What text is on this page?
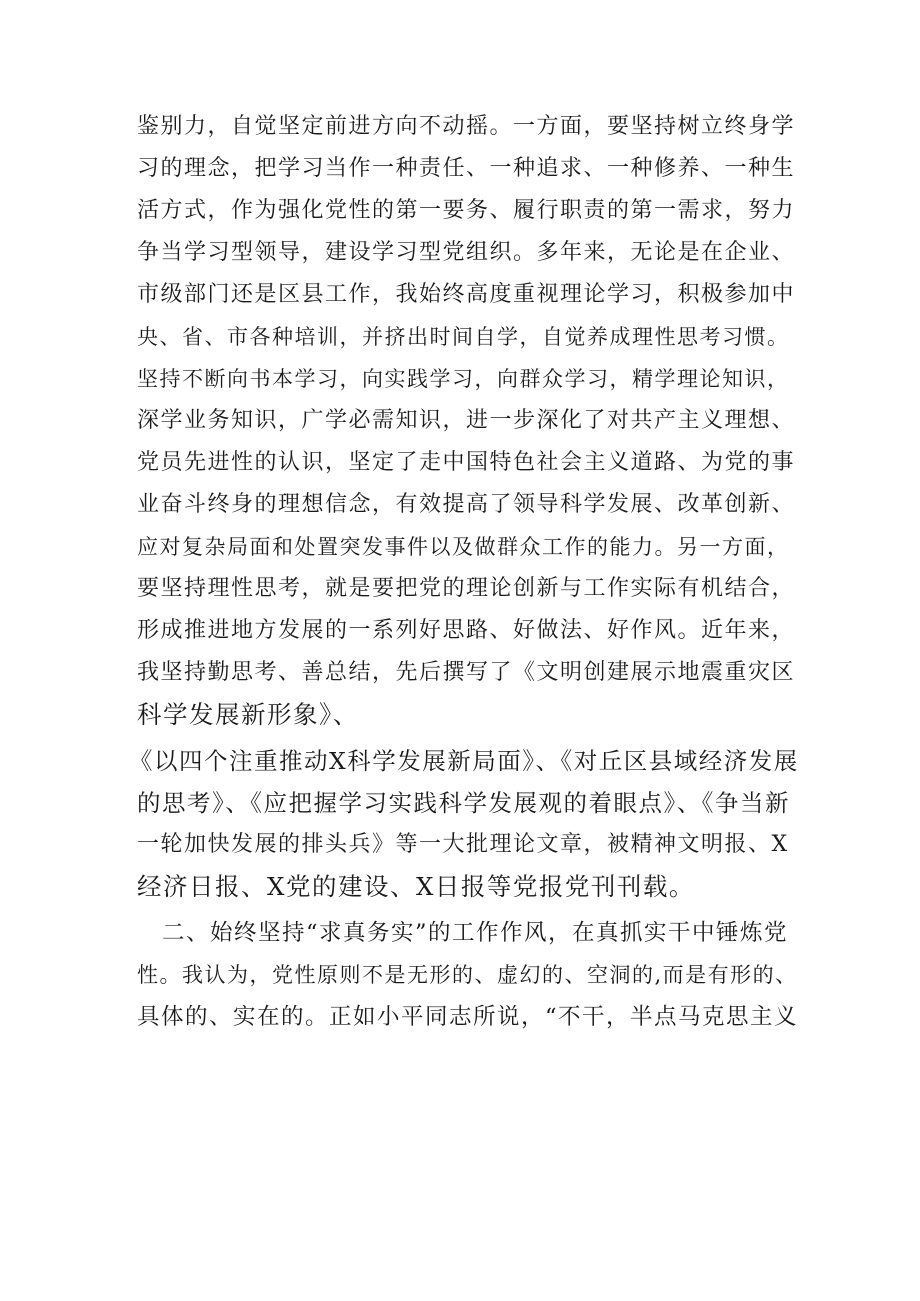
鉴别力，自觉坚定前进方向不动摇。一方面，要坚持树立终身学
习的理念，把学习当作一种责任、一种追求、一种修养、一种生
活方式，作为强化党性的第一要务、履行职责的第一需求，努力
争当学习型领导，建设学习型党组织。多年来，无论是在企业、
市级部门还是区县工作，我始终高度重视理论学习，积极参加中
央、省、市各种培训，并挤出时间自学，自觉养成理性思考习惯。
坚持不断向书本学习，向实践学习，向群众学习，精学理论知识，
深学业务知识，广学必需知识，进一步深化了对共产主义理想、
党员先进性的认识，坚定了走中国特色社会主义道路、为党的事
业奋斗终身的理想信念，有效提高了领导科学发展、改革创新、
应对复杂局面和处置突发事件以及做群众工作的能力。另一方面，
要坚持理性思考，就是要把党的理论创新与工作实际有机结合，
形成推进地方发展的一系列好思路、好做法、好作风。近年来，
我坚持勤思考、善总结，先后撰写了《文明创建展示地震重灾区
科学发展新形象》、
《以四个注重推动X科学发展新局面》、《对丘区县域经济发展
的思考》、《应把握学习实践科学发展观的着眼点》、《争当新
一轮加快发展的排头兵》等一大批理论文章，被精神文明报、X
经济日报、X党的建设、X日报等党报党刊刊载。
二、始终坚持“求真务实”的工作作风，在真抓实干中锤炼党
性。我认为，党性原则不是无形的、虚幻的、空洞的,而是有形的、
具体的、实在的。正如小平同志所说，“不干，半点马克思主义
